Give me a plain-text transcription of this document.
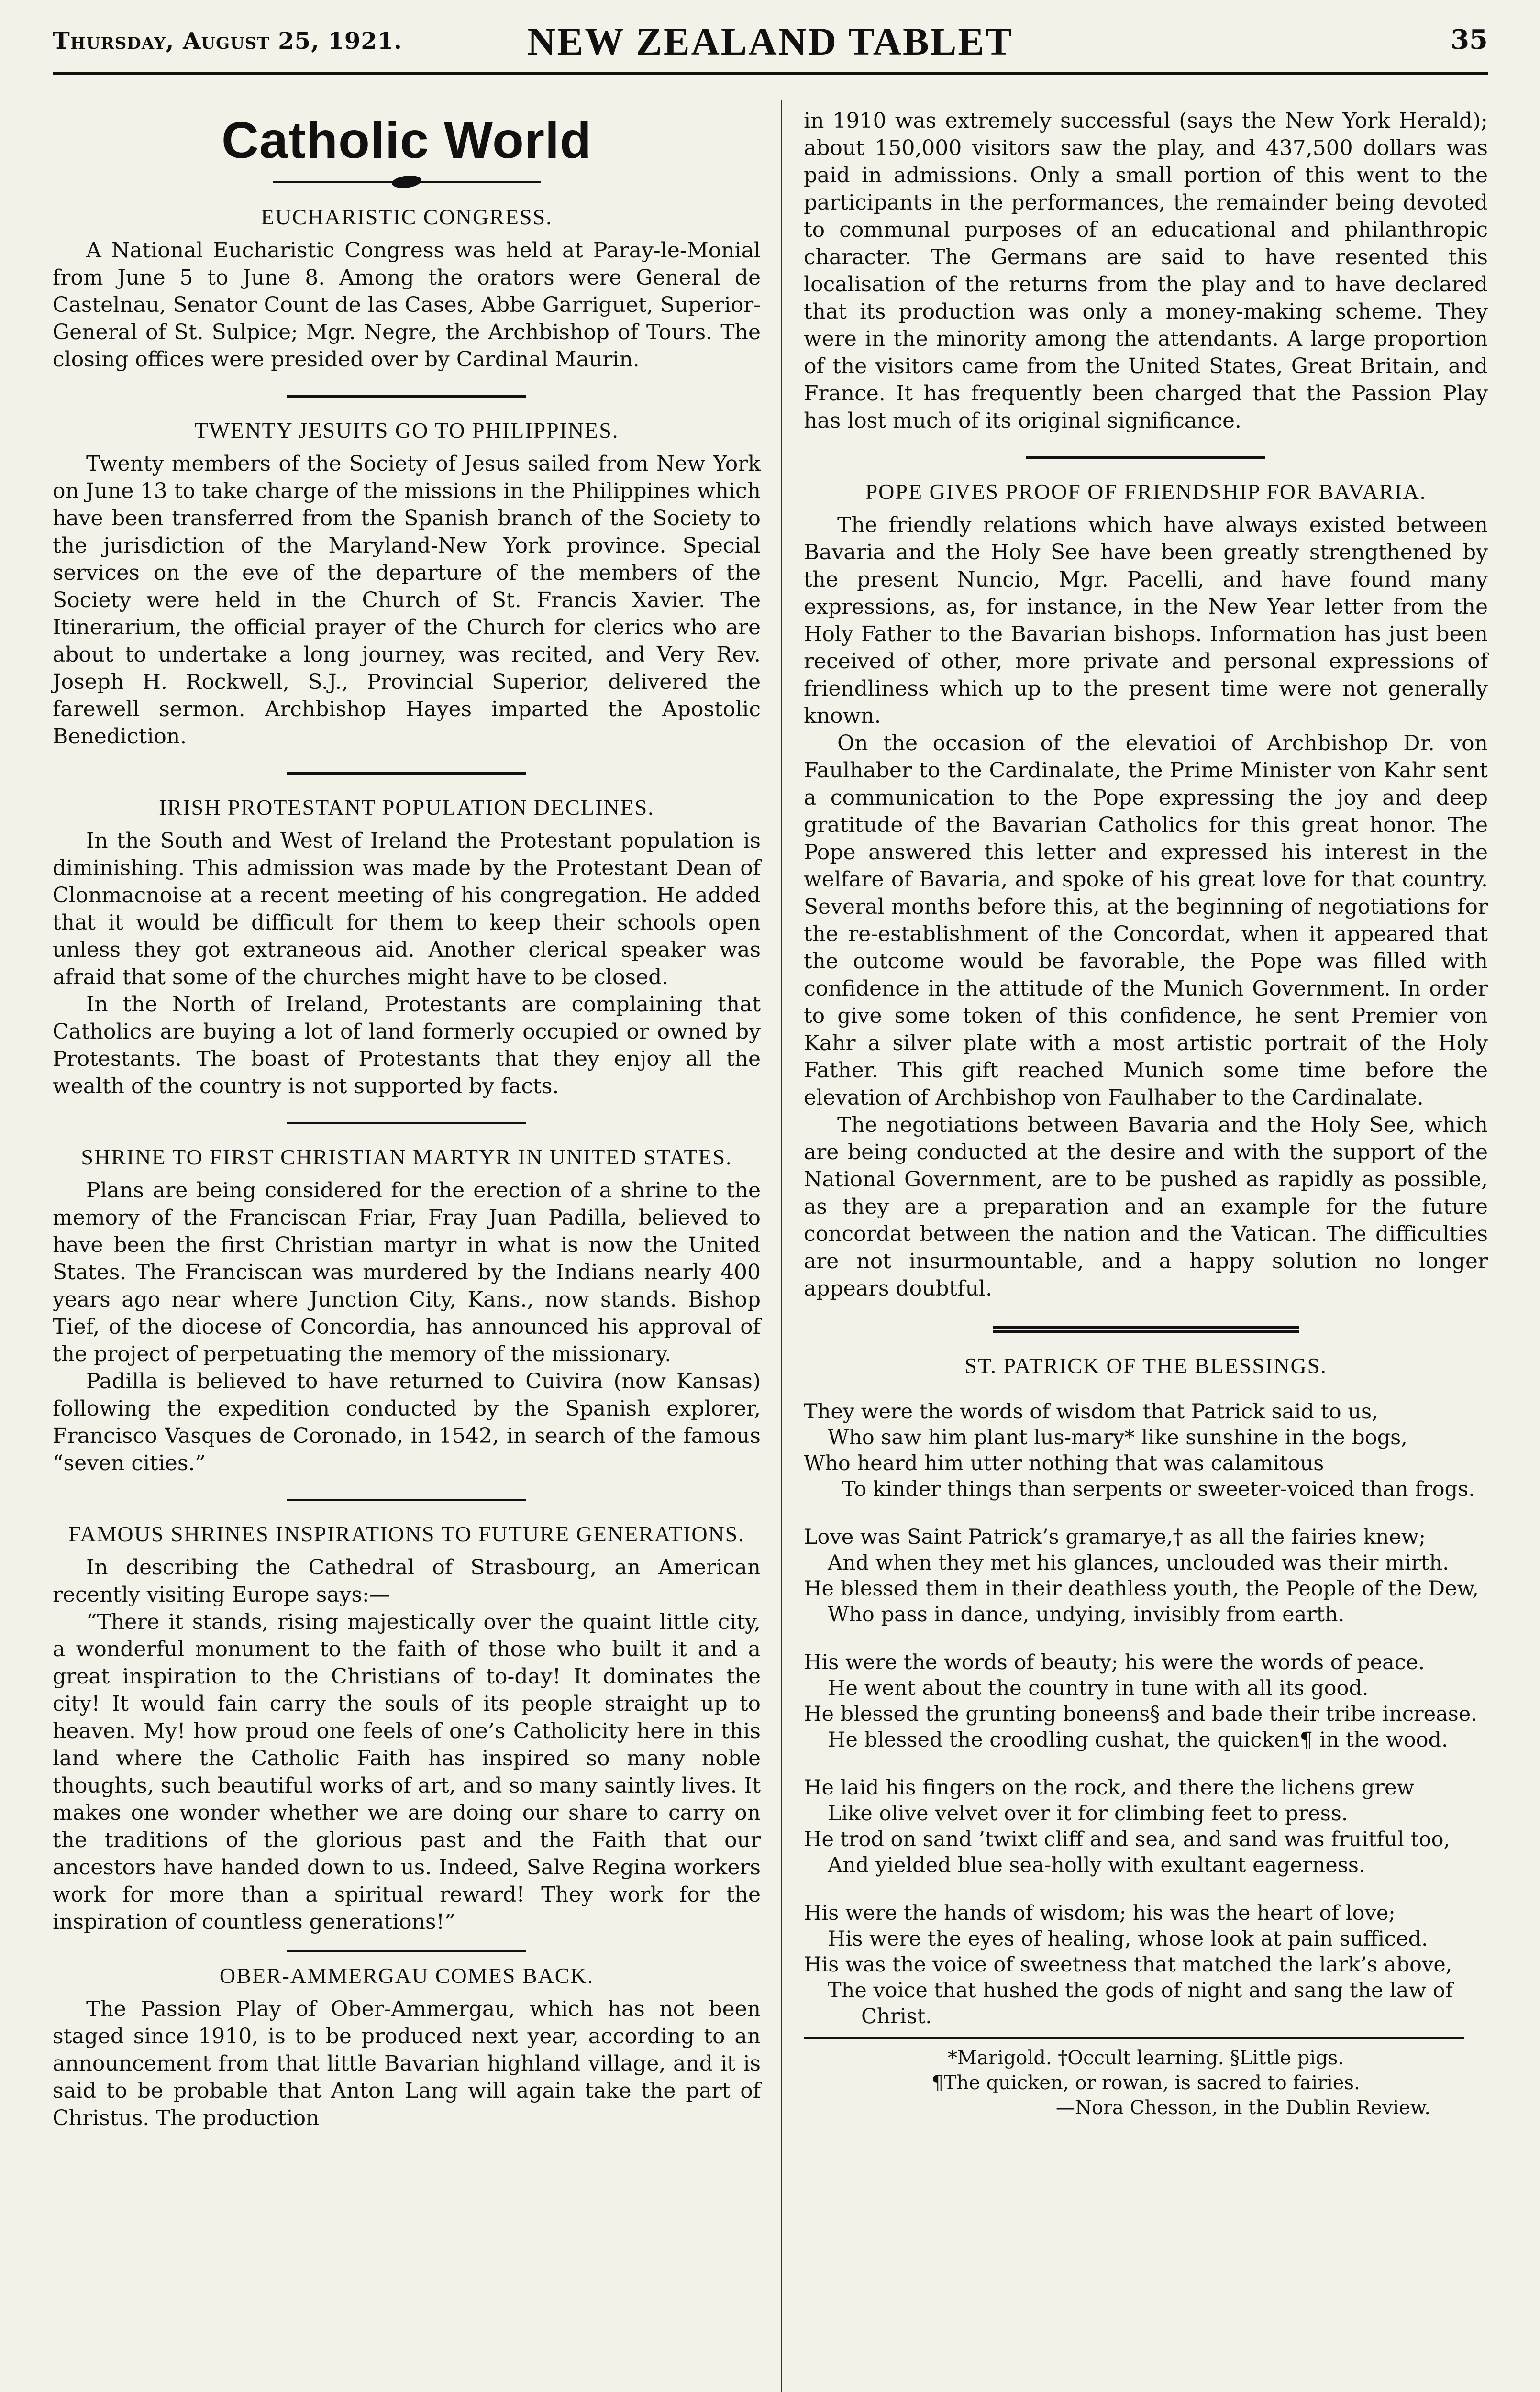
Thursday, August 25, 1921.	NEW ZEALAND TABLET	35
Catholic World
EUCHARISTIC CONGRESS.

A National Eucharistic Congress was held at Paray-le-Monial from June 5 to June 8. Among the orators were General de Castelnau, Senator Count de las Cases, Abbe Garriguet, Superior-General of St. Sulpice; Mgr. Negre, the Archbishop of Tours. The closing offices were presided over by Cardinal Maurin.

TWENTY JESUITS GO TO PHILIPPINES.

Twenty members of the Society of Jesus sailed from New York on June 13 to take charge of the missions in the Philippines which have been transferred from the Spanish branch of the Society to the jurisdiction of the Maryland-New York province. Special services on the eve of the departure of the members of the Society were held in the Church of St. Francis Xavier. The Itinerarium, the official prayer of the Church for clerics who are about to undertake a long journey, was recited, and Very Rev. Joseph H. Rockwell, S.J., Provincial Superior, delivered the farewell sermon. Archbishop Hayes imparted the Apostolic Benediction.

IRISH PROTESTANT POPULATION DECLINES.

In the South and West of Ireland the Protestant population is diminishing. This admission was made by the Protestant Dean of Clonmacnoise at a recent meeting of his congregation. He added that it would be difficult for them to keep their schools open unless they got extraneous aid. Another clerical speaker was afraid that some of the churches might have to be closed.

In the North of Ireland, Protestants are complaining that Catholics are buying a lot of land formerly occupied or owned by Protestants. The boast of Protestants that they enjoy all the wealth of the country is not supported by facts.

SHRINE TO FIRST CHRISTIAN MARTYR IN UNITED STATES.

Plans are being considered for the erection of a shrine to the memory of the Franciscan Friar, Fray Juan Padilla, believed to have been the first Christian martyr in what is now the United States. The Franciscan was murdered by the Indians nearly 400 years ago near where Junction City, Kans., now stands. Bishop Tief, of the diocese of Concordia, has announced his approval of the project of perpetuating the memory of the missionary.

Padilla is believed to have returned to Cuivira (now Kansas) following the expedition conducted by the Spanish explorer, Francisco Vasques de Coronado, in 1542, in search of the famous “seven cities.”

FAMOUS SHRINES INSPIRATIONS TO FUTURE GENERATIONS.

In describing the Cathedral of Strasbourg, an American recently visiting Europe says:—

“There it stands, rising majestically over the quaint little city, a wonderful monument to the faith of those who built it and a great inspiration to the Christians of to-day! It dominates the city! It would fain carry the souls of its people straight up to heaven. My! how proud one feels of one’s Catholicity here in this land where the Catholic Faith has inspired so many noble thoughts, such beautiful works of art, and so many saintly lives. It makes one wonder whether we are doing our share to carry on the traditions of the glorious past and the Faith that our ancestors have handed down to us. Indeed, Salve Regina workers work for more than a spiritual reward! They work for the inspiration of countless generations!”

OBER-AMMERGAU COMES BACK.

The Passion Play of Ober-Ammergau, which has not been staged since 1910, is to be produced next year, according to an announcement from that little Bavarian highland village, and it is said to be probable that Anton Lang will again take the part of Christus. The production

in 1910 was extremely successful (says the New York Herald); about 150,000 visitors saw the play, and 437,500 dollars was paid in admissions. Only a small portion of this went to the participants in the performances, the remainder being devoted to communal purposes of an educational and philanthropic character. The Germans are said to have resented this localisation of the returns from the play and to have declared that its production was only a money-making scheme. They were in the minority among the attendants. A large proportion of the visitors came from the United States, Great Britain, and France. It has frequently been charged that the Passion Play has lost much of its original significance.

POPE GIVES PROOF OF FRIENDSHIP FOR BAVARIA.

The friendly relations which have always existed between Bavaria and the Holy See have been greatly strengthened by the present Nuncio, Mgr. Pacelli, and have found many expressions, as, for instance, in the New Year letter from the Holy Father to the Bavarian bishops. Information has just been received of other, more private and personal expressions of friendliness which up to the present time were not generally known.

On the occasion of the elevatioi of Archbishop Dr. von Faulhaber to the Cardinalate, the Prime Minister von Kahr sent a communication to the Pope expressing the joy and deep gratitude of the Bavarian Catholics for this great honor. The Pope answered this letter and expressed his interest in the welfare of Bavaria, and spoke of his great love for that country. Several months before this, at the beginning of negotiations for the re-establishment of the Concordat, when it appeared that the outcome would be favorable, the Pope was filled with confidence in the attitude of the Munich Government. In order to give some token of this confidence, he sent Premier von Kahr a silver plate with a most artistic portrait of the Holy Father. This gift reached Munich some time before the elevation of Archbishop von Faulhaber to the Cardinalate.

The negotiations between Bavaria and the Holy See, which are being conducted at the desire and with the support of the National Government, are to be pushed as rapidly as possible, as they are a preparation and an example for the future concordat between the nation and the Vatican. The difficulties are not insurmountable, and a happy solution no longer appears doubtful.

ST. PATRICK OF THE BLESSINGS.

They were the words of wisdom that Patrick said to us,

Who saw him plant lus-mary* like sunshine in the bogs,

Who heard him utter nothing that was calamitous

To kinder things than serpents or sweeter-voiced than frogs.

Love was Saint Patrick’s gramarye,† as all the fairies knew;

And when they met his glances, unclouded was their mirth.

He blessed them in their deathless youth, the People of the Dew,

Who pass in dance, undying, invisibly from earth.

His were the words of beauty; his were the words of peace.

He went about the country in tune with all its good.

He blessed the grunting boneens§ and bade their tribe increase.

He blessed the croodling cushat, the quicken¶ in the wood.

He laid his fingers on the rock, and there the lichens grew

Like olive velvet over it for climbing feet to press.

He trod on sand ’twixt cliff and sea, and sand was fruitful too,

And yielded blue sea-holly with exultant eagerness.

His were the hands of wisdom; his was the heart of love;

His were the eyes of healing, whose look at pain sufficed.

His was the voice of sweetness that matched the lark’s above,

The voice that hushed the gods of night and sang the law of Christ.

*Marigold. †Occult learning. §Little pigs.
¶The quicken, or rowan, is sacred to fairies.
—Nora Chesson, in the Dublin Review.
